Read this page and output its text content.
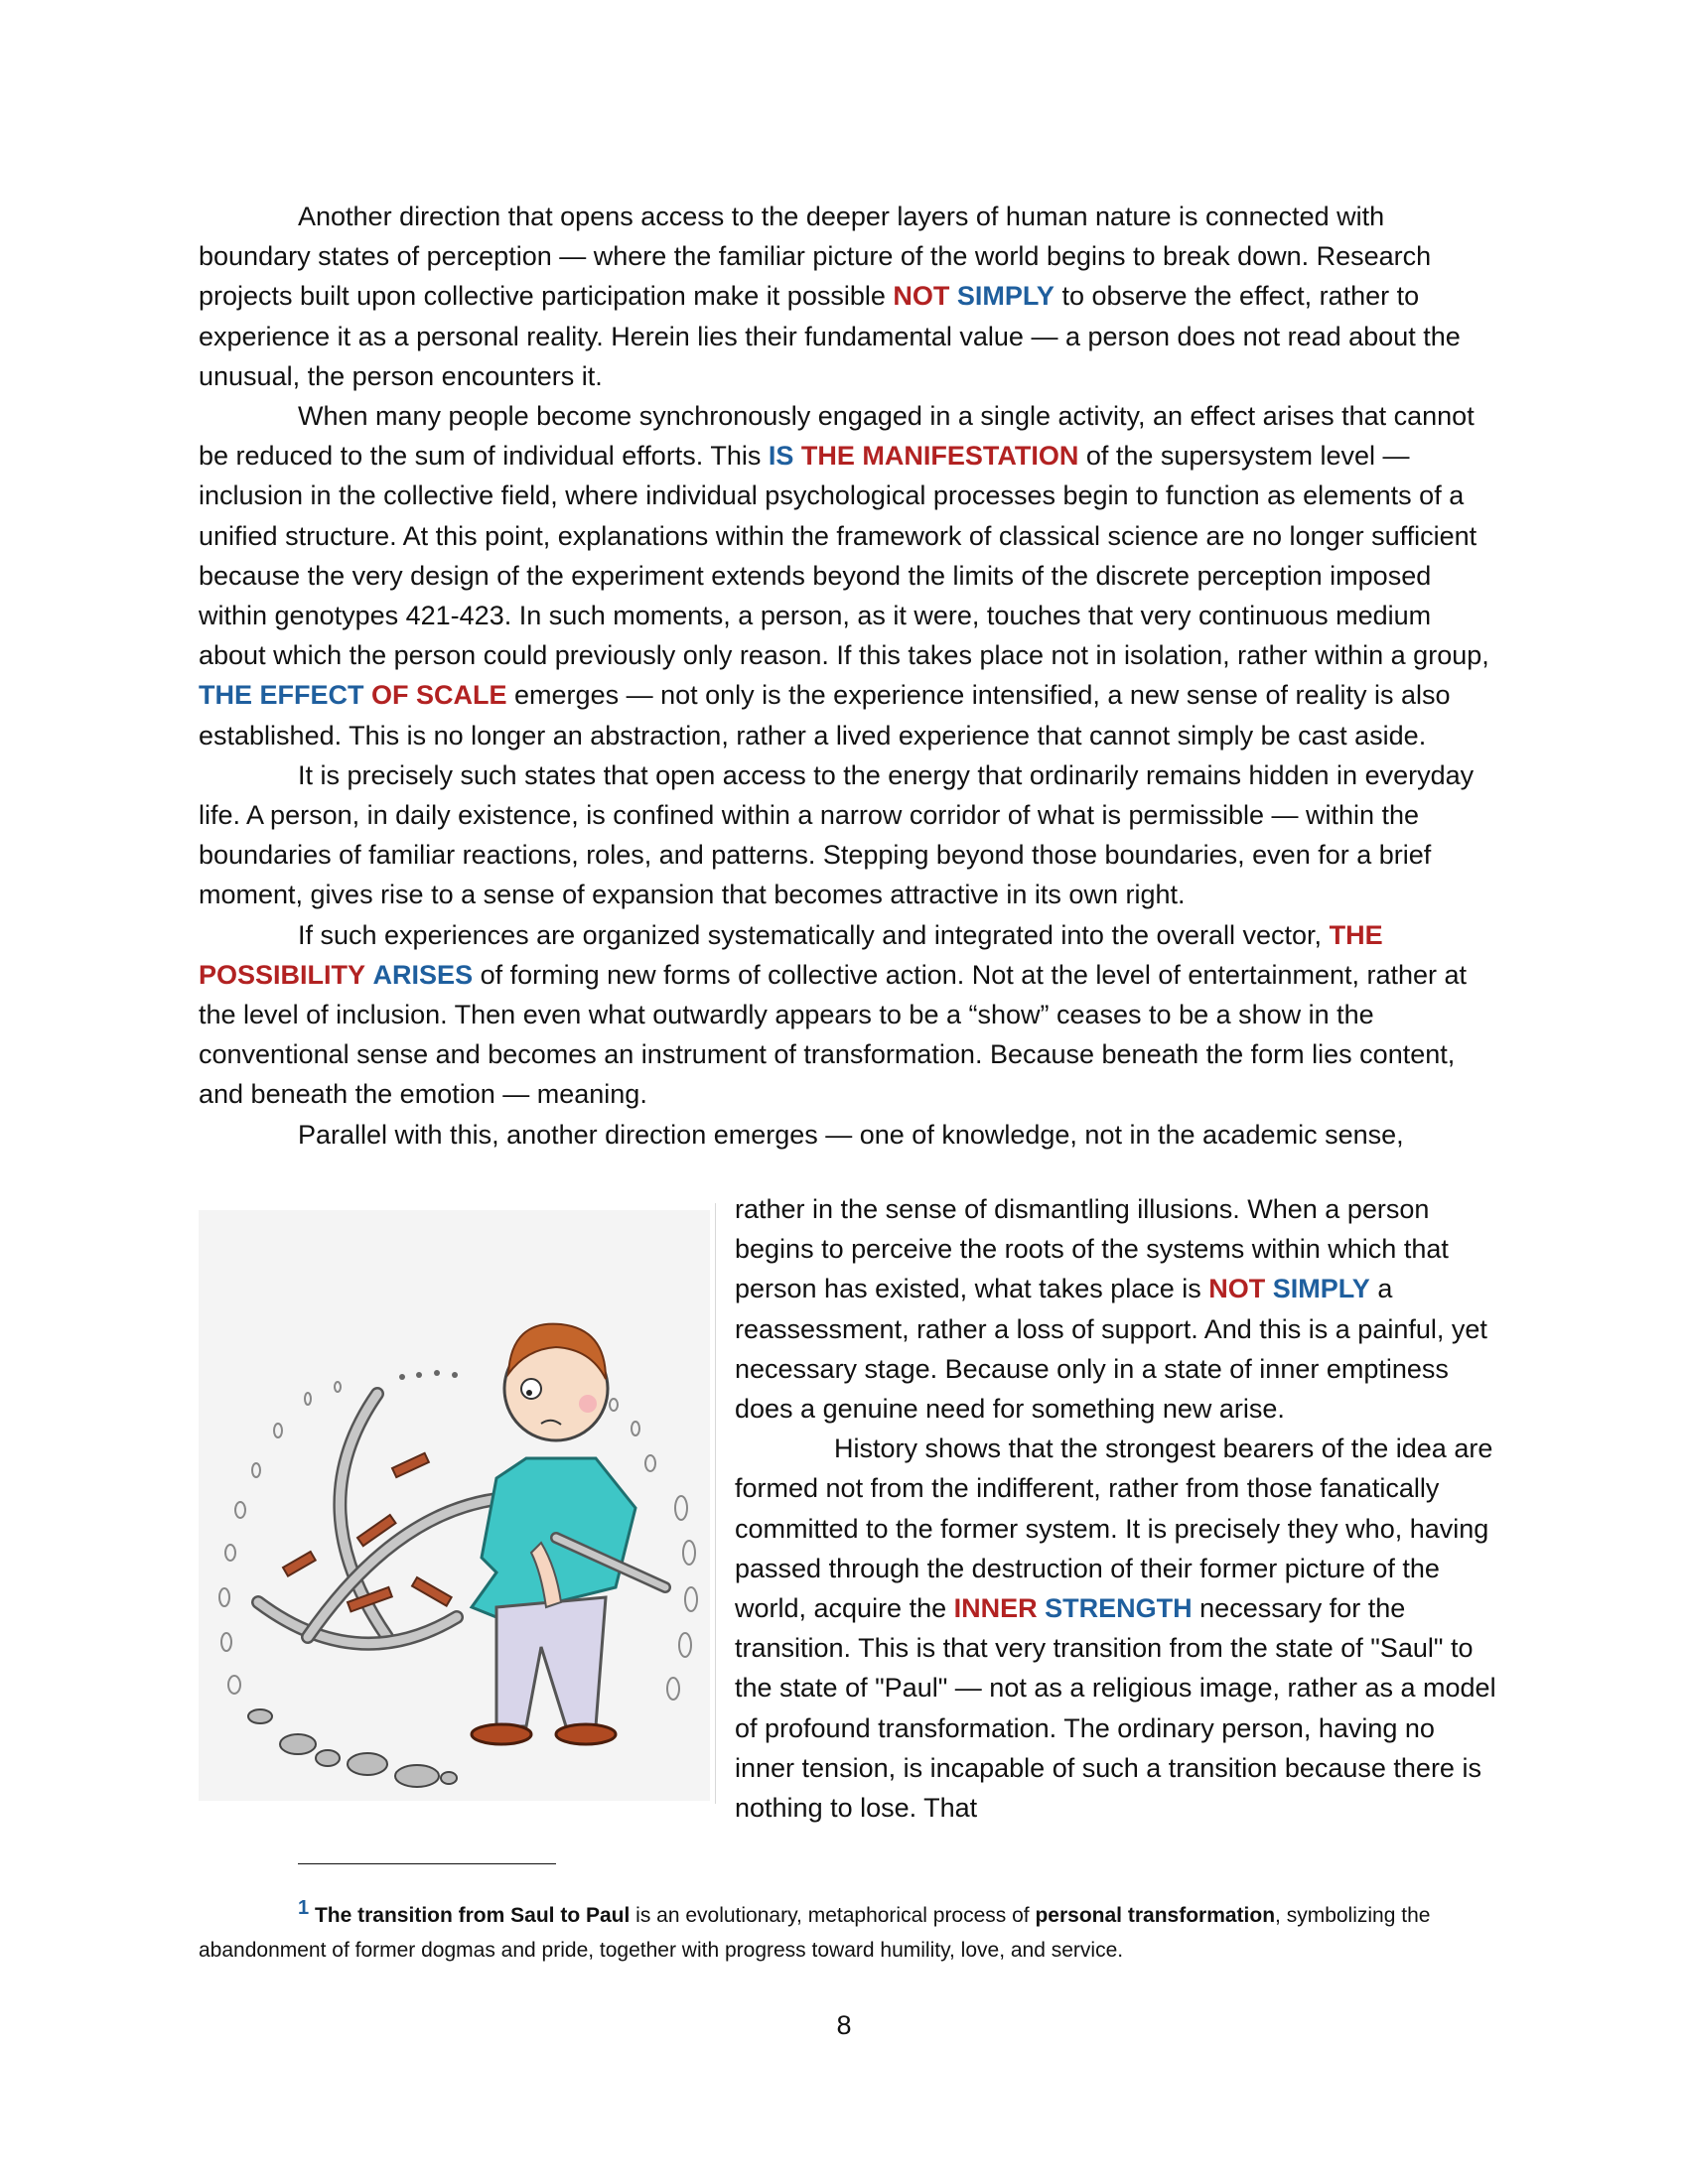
Another direction that opens access to the deeper layers of human nature is connected with boundary states of perception — where the familiar picture of the world begins to break down. Research projects built upon collective participation make it possible NOT SIMPLY to observe the effect, rather to experience it as a personal reality. Herein lies their fundamental value — a person does not read about the unusual, the person encounters it.

When many people become synchronously engaged in a single activity, an effect arises that cannot be reduced to the sum of individual efforts. This IS THE MANIFESTATION of the supersystem level — inclusion in the collective field, where individual psychological processes begin to function as elements of a unified structure. At this point, explanations within the framework of classical science are no longer sufficient because the very design of the experiment extends beyond the limits of the discrete perception imposed within genotypes 421-423. In such moments, a person, as it were, touches that very continuous medium about which the person could previously only reason. If this takes place not in isolation, rather within a group, THE EFFECT OF SCALE emerges — not only is the experience intensified, a new sense of reality is also established. This is no longer an abstraction, rather a lived experience that cannot simply be cast aside.

It is precisely such states that open access to the energy that ordinarily remains hidden in everyday life. A person, in daily existence, is confined within a narrow corridor of what is permissible — within the boundaries of familiar reactions, roles, and patterns. Stepping beyond those boundaries, even for a brief moment, gives rise to a sense of expansion that becomes attractive in its own right.

If such experiences are organized systematically and integrated into the overall vector, THE POSSIBILITY ARISES of forming new forms of collective action. Not at the level of entertainment, rather at the level of inclusion. Then even what outwardly appears to be a “show” ceases to be a show in the conventional sense and becomes an instrument of transformation. Because beneath the form lies content, and beneath the emotion — meaning.

Parallel with this, another direction emerges — one of knowledge, not in the academic sense,

rather in the sense of dismantling illusions. When a person begins to perceive the roots of the systems within which that person has existed, what takes place is NOT SIMPLY a reassessment, rather a loss of support. And this is a painful, yet necessary stage. Because only in a state of inner emptiness does a genuine need for something new arise.

History shows that the strongest bearers of the idea are formed not from the indifferent, rather from those fanatically committed to the former system. It is precisely they who, having passed through the destruction of their former picture of the world, acquire the INNER STRENGTH necessary for the transition. This is that very transition from the state of "Saul" to the state of "Paul" — not as a religious image, rather as a model of profound transformation. The ordinary person, having no inner tension, is incapable of such a transition because there is nothing to lose. That

1 The transition from Saul to Paul is an evolutionary, metaphorical process of personal transformation, symbolizing the abandonment of former dogmas and pride, together with progress toward humility, love, and service.

8
